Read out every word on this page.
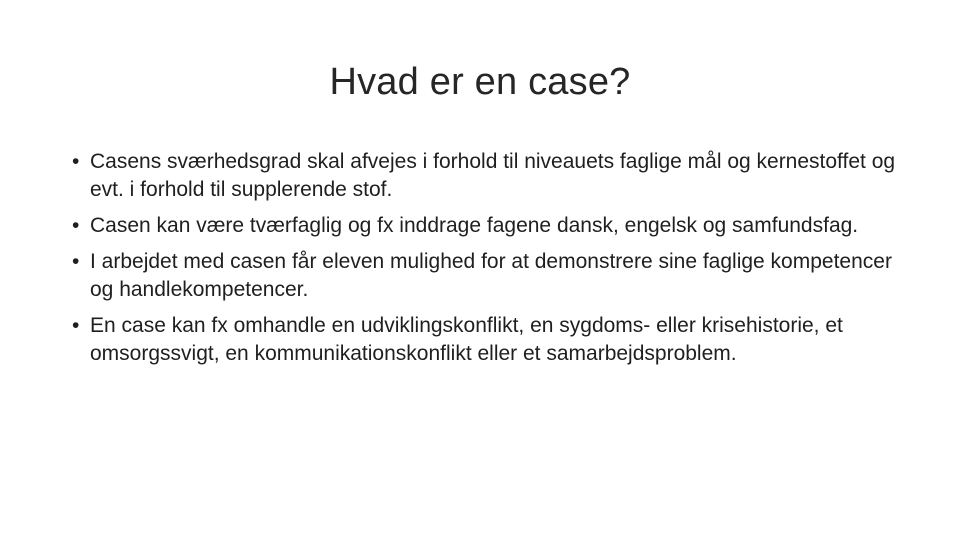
Hvad er en case?
• Casens sværhedsgrad skal afvejes i forhold til niveauets faglige mål og kernestoffet og evt. i forhold til supplerende stof.
• Casen kan være tværfaglig og fx inddrage fagene dansk, engelsk og samfundsfag.
• I arbejdet med casen får eleven mulighed for at demonstrere sine faglige kompetencer og handlekompetencer.
• En case kan fx omhandle en udviklingskonflikt, en sygdoms- eller krisehistorie, et omsorgssvigt, en kommunikationskonflikt eller et samarbejdsproblem.
